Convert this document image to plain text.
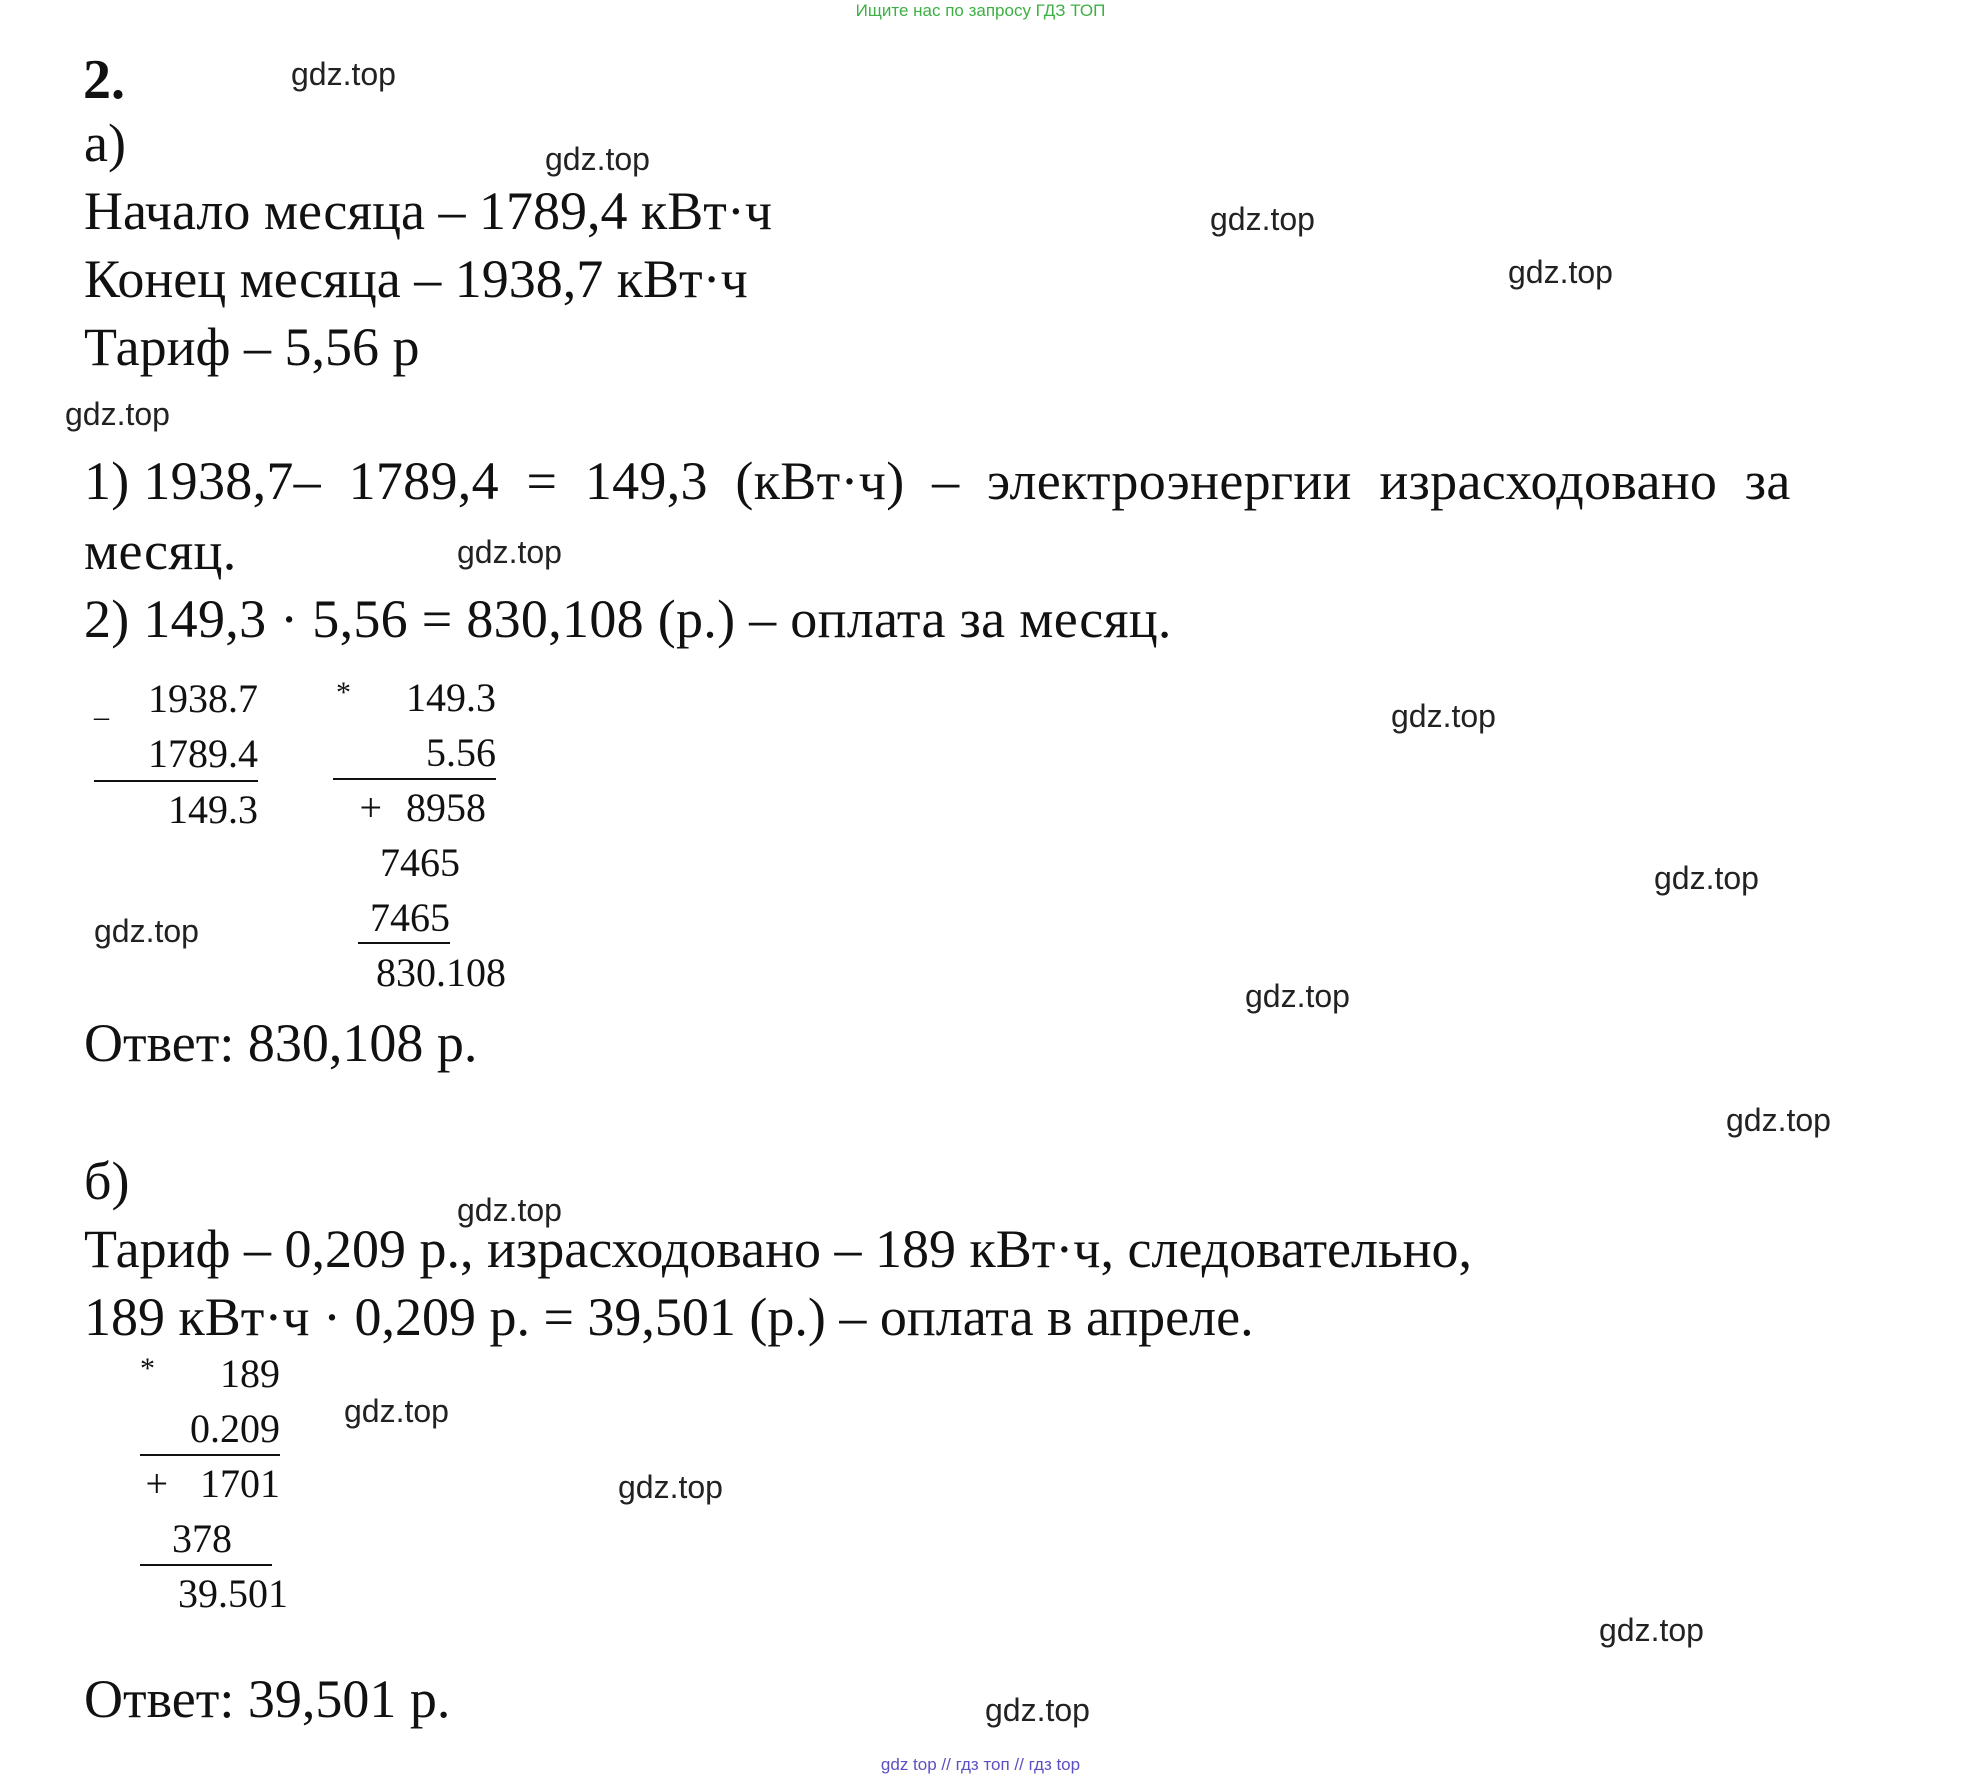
Ищите нас по запросу ГДЗ ТОП
gdz top // гдз топ // гдз top
2.
а)
Начало месяца – 1789,4 кВт·ч
Конец месяца – 1938,7 кВт·ч
Тариф – 5,56 р
1) 1938,7–  1789,4  =  149,3  (кВт·ч)  –  электроэнергии  израсходовано  за
месяц.
2) 149,3 · 5,56 = 830,108 (р.) – оплата за месяц.
_ 1938.7
1789.4
149.3
*	149.3
5.56
+ 8958
7465
7465
830.108
Ответ: 830,108 р.
б)
Тариф – 0,209 р., израсходовано – 189 кВт·ч, следовательно,
189 кВт·ч · 0,209 р. = 39,501 (р.) – оплата в апреле.
*	189
0.209
+ 1701
378
39.501
Ответ: 39,501 р.
gdz.top
gdz.top
gdz.top
gdz.top
gdz.top
gdz.top
gdz.top
gdz.top
gdz.top
gdz.top
gdz.top
gdz.top
gdz.top
gdz.top
gdz.top
gdz.top
